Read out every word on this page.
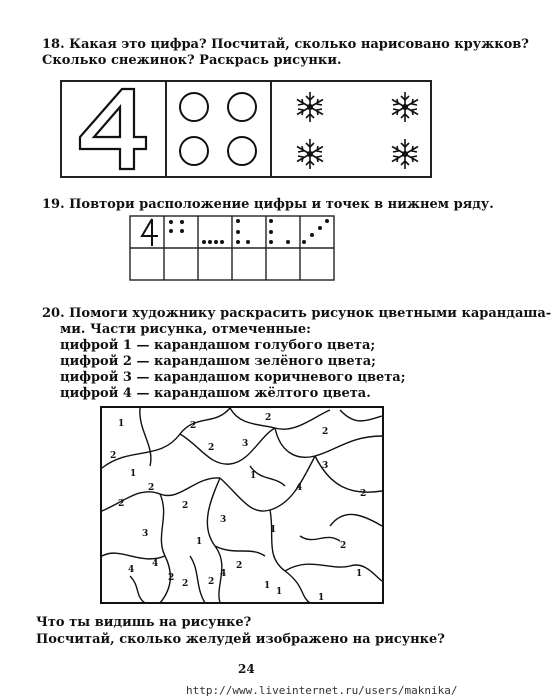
18. Какая это цифра? Посчитай, сколько нарисовано кружков?
Сколько снежинок? Раскрась рисунки.
19. Повтори расположение цифры и точек в нижнем ряду.
20. Помоги художнику раскрасить рисунок цветными карандаша-
ми. Части рисунка, отмеченные:
цифрой 1 — карандашом голубого цвета;
цифрой 2 — карандашом зелёного цвета;
цифрой 3 — карандашом коричневого цвета;
цифрой 4 — карандашом жёлтого цвета.
1	2
2
2
2
2
3
1	1
2
3
2
2
4
2
3	1
3
4
2
1
4
2
2 2
4
2
1
1
1
1
Что ты видишь на рисунке?
Посчитай, сколько желудей изображено на рисунке?
24
http://www.liveinternet.ru/users/maknika/
